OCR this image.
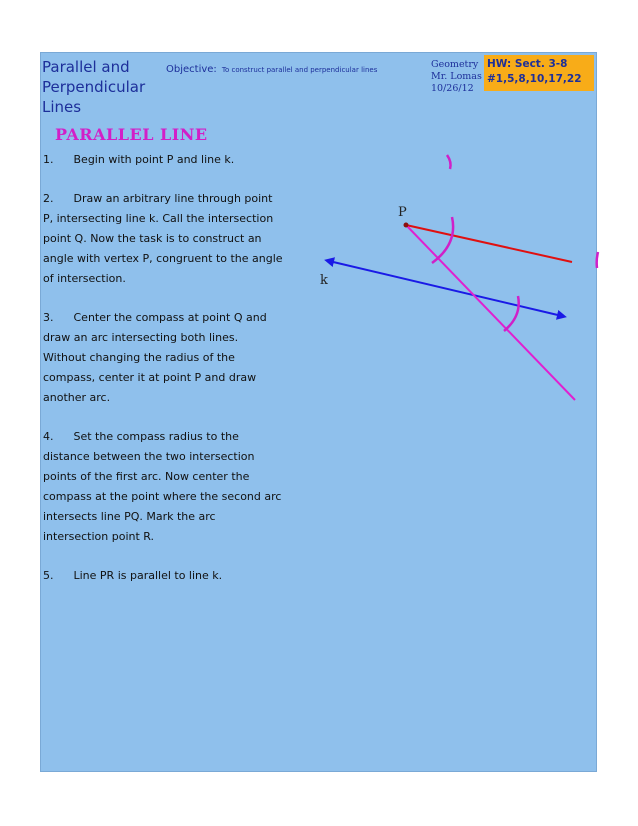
Parallel and Perpendicular Lines
Objective: To construct parallel and perpendicular lines	Geometry
Mr. Lomas
10/26/12
HW: Sect. 3-8
#1,5,8,10,17,22
PARALLEL LINE

1. Begin with point P and line k.

2. Draw an arbitrary line through point P, intersecting line k. Call the intersection point Q. Now the task is to construct an angle with vertex P, congruent to the angle of intersection.

3. Center the compass at point Q and draw an arc intersecting both lines. Without changing the radius of the compass, center it at point P and draw another arc.

4. Set the compass radius to the distance between the two intersection points of the first arc. Now center the compass at the point where the second arc intersects line PQ. Mark the arc intersection point R.

5. Line PR is parallel to line k.

P
k
